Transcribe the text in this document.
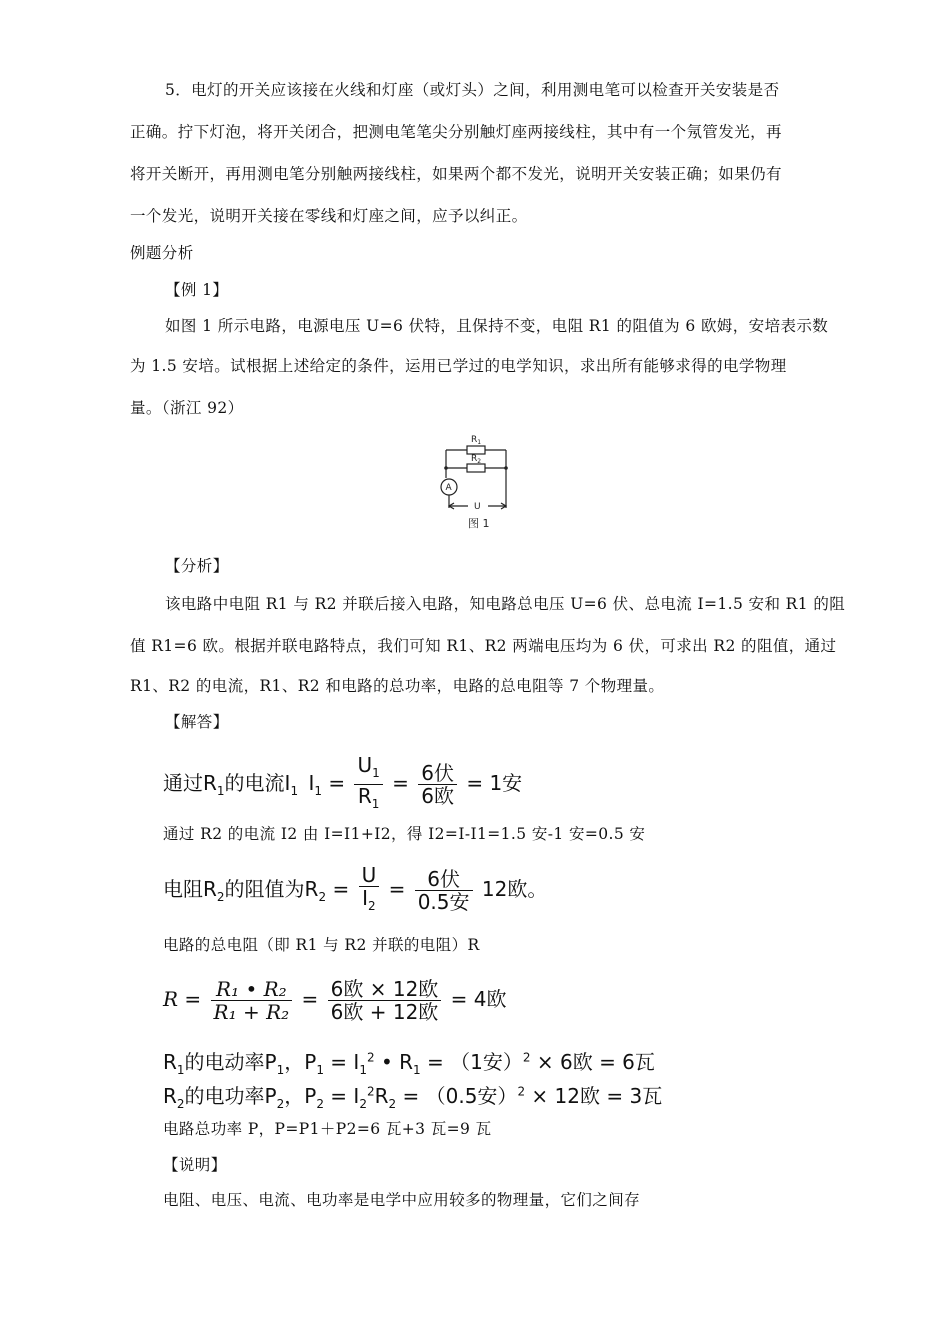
5．电灯的开关应该接在火线和灯座（或灯头）之间，利用测电笔可以检查开关安装是否
正确。拧下灯泡，将开关闭合，把测电笔笔尖分别触灯座两接线柱，其中有一个氖管发光，再
将开关断开，再用测电笔分别触两接线柱，如果两个都不发光，说明开关安装正确；如果仍有
一个发光，说明开关接在零线和灯座之间，应予以纠正。
例题分析
【例 1】
如图 1 所示电路，电源电压 U=6 伏特，且保持不变，电阻 R1 的阻值为 6 欧姆，安培表示数
为 1.5 安培。试根据上述给定的条件，运用已学过的电学知识，求出所有能够求得的电学物理
量。（浙江 92）
$R_1$
$R_2$
A
U
图 1
【分析】
该电路中电阻 R1 与 R2 并联后接入电路，知电路总电压 U=6 伏、总电流 I=1.5 安和 R1 的阻
值 R1=6 欧。根据并联电路特点，我们可知 R1、R2 两端电压均为 6 伏，可求出 R2 的阻值，通过
R1、R2 的电流，R1、R2 和电路的总功率，电路的总电阻等 7 个物理量。
【解答】
通过$R_1$的电流$I_1$ $I_1 = \frac{U_1}{R_1} = \frac{\text{6伏}}{\text{6欧}} = 1$安
通过 R2 的电流 I2 由 I=I1+I2，得 I2=I-I1=1.5 安-1 安=0.5 安
电阻$R_2$的阻值为$R_2 = \frac{U}{I_2} = \frac{\text{6伏}}{\text{0.5安}} 12$欧。
电路的总电阻（即 R1 与 R2 并联的电阻）R
$R = \frac{\text{R₁ • R₂}}{\text{R₁ + R₂}} = \frac{\text{6欧 × 12欧}}{\text{6欧 + 12欧}} = 4$欧
$R_1$的电动率$P_1$，$P_1 = I_1^2$ • $R_1 = (1$安）$^2$ × 6欧 = 6瓦
$R_2$的电功率$P_2$，$P_2 = I_2^2R_2 = (0.5$安）$^2$ × 12欧 = 3瓦
电路总功率 P，P=P1＋P2=6 瓦+3 瓦=9 瓦
【说明】
电阻、电压、电流、电功率是电学中应用较多的物理量，它们之间存
